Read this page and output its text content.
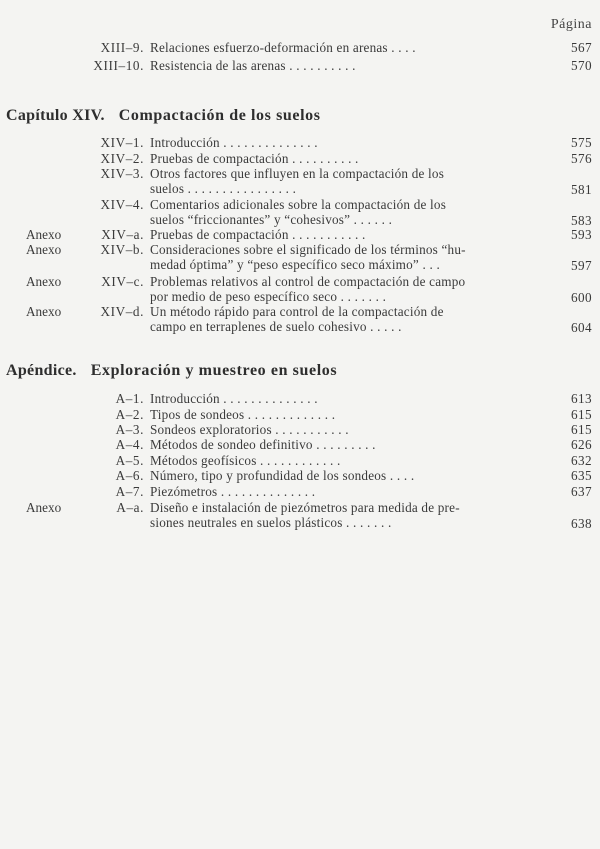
Página
XIII–9. Relaciones esfuerzo-deformación en arenas . . . .	567
XIII–10. Resistencia de las arenas . . . . . . . . . .	570
Capítulo XIV. Compactación de los suelos
XIV–1. Introducción . . . . . . . . . . . . . .	575
XIV–2. Pruebas de compactación . . . . . . . . . .	576
XIV–3. Otros factores que influyen en la compactación de los
suelos . . . . . . . . . . . . . . . .	581
XIV–4. Comentarios adicionales sobre la compactación de los
suelos “friccionantes” y “cohesivos” . . . . . .	583
Anexo	XIV–a. Pruebas de compactación . . . . . . . . . . .	593
Anexo	XIV–b. Consideraciones sobre el significado de los términos “hu-
medad óptima” y “peso específico seco máximo” . . .	597
Anexo	XIV–c. Problemas relativos al control de compactación de campo
por medio de peso específico seco . . . . . . .	600
Anexo	XIV–d. Un método rápido para control de la compactación de
campo en terraplenes de suelo cohesivo . . . . .	604
Apéndice. Exploración y muestreo en suelos
A–1. Introducción . . . . . . . . . . . . . .	613
A–2. Tipos de sondeos . . . . . . . . . . . . .	615
A–3. Sondeos exploratorios . . . . . . . . . . .	615
A–4. Métodos de sondeo definitivo . . . . . . . . .	626
A–5. Métodos geofísicos . . . . . . . . . . . .	632
A–6. Número, tipo y profundidad de los sondeos . . . .	635
A–7. Piezómetros . . . . . . . . . . . . . .	637
Anexo	A–a. Diseño e instalación de piezómetros para medida de pre-
siones neutrales en suelos plásticos . . . . . . .	638
